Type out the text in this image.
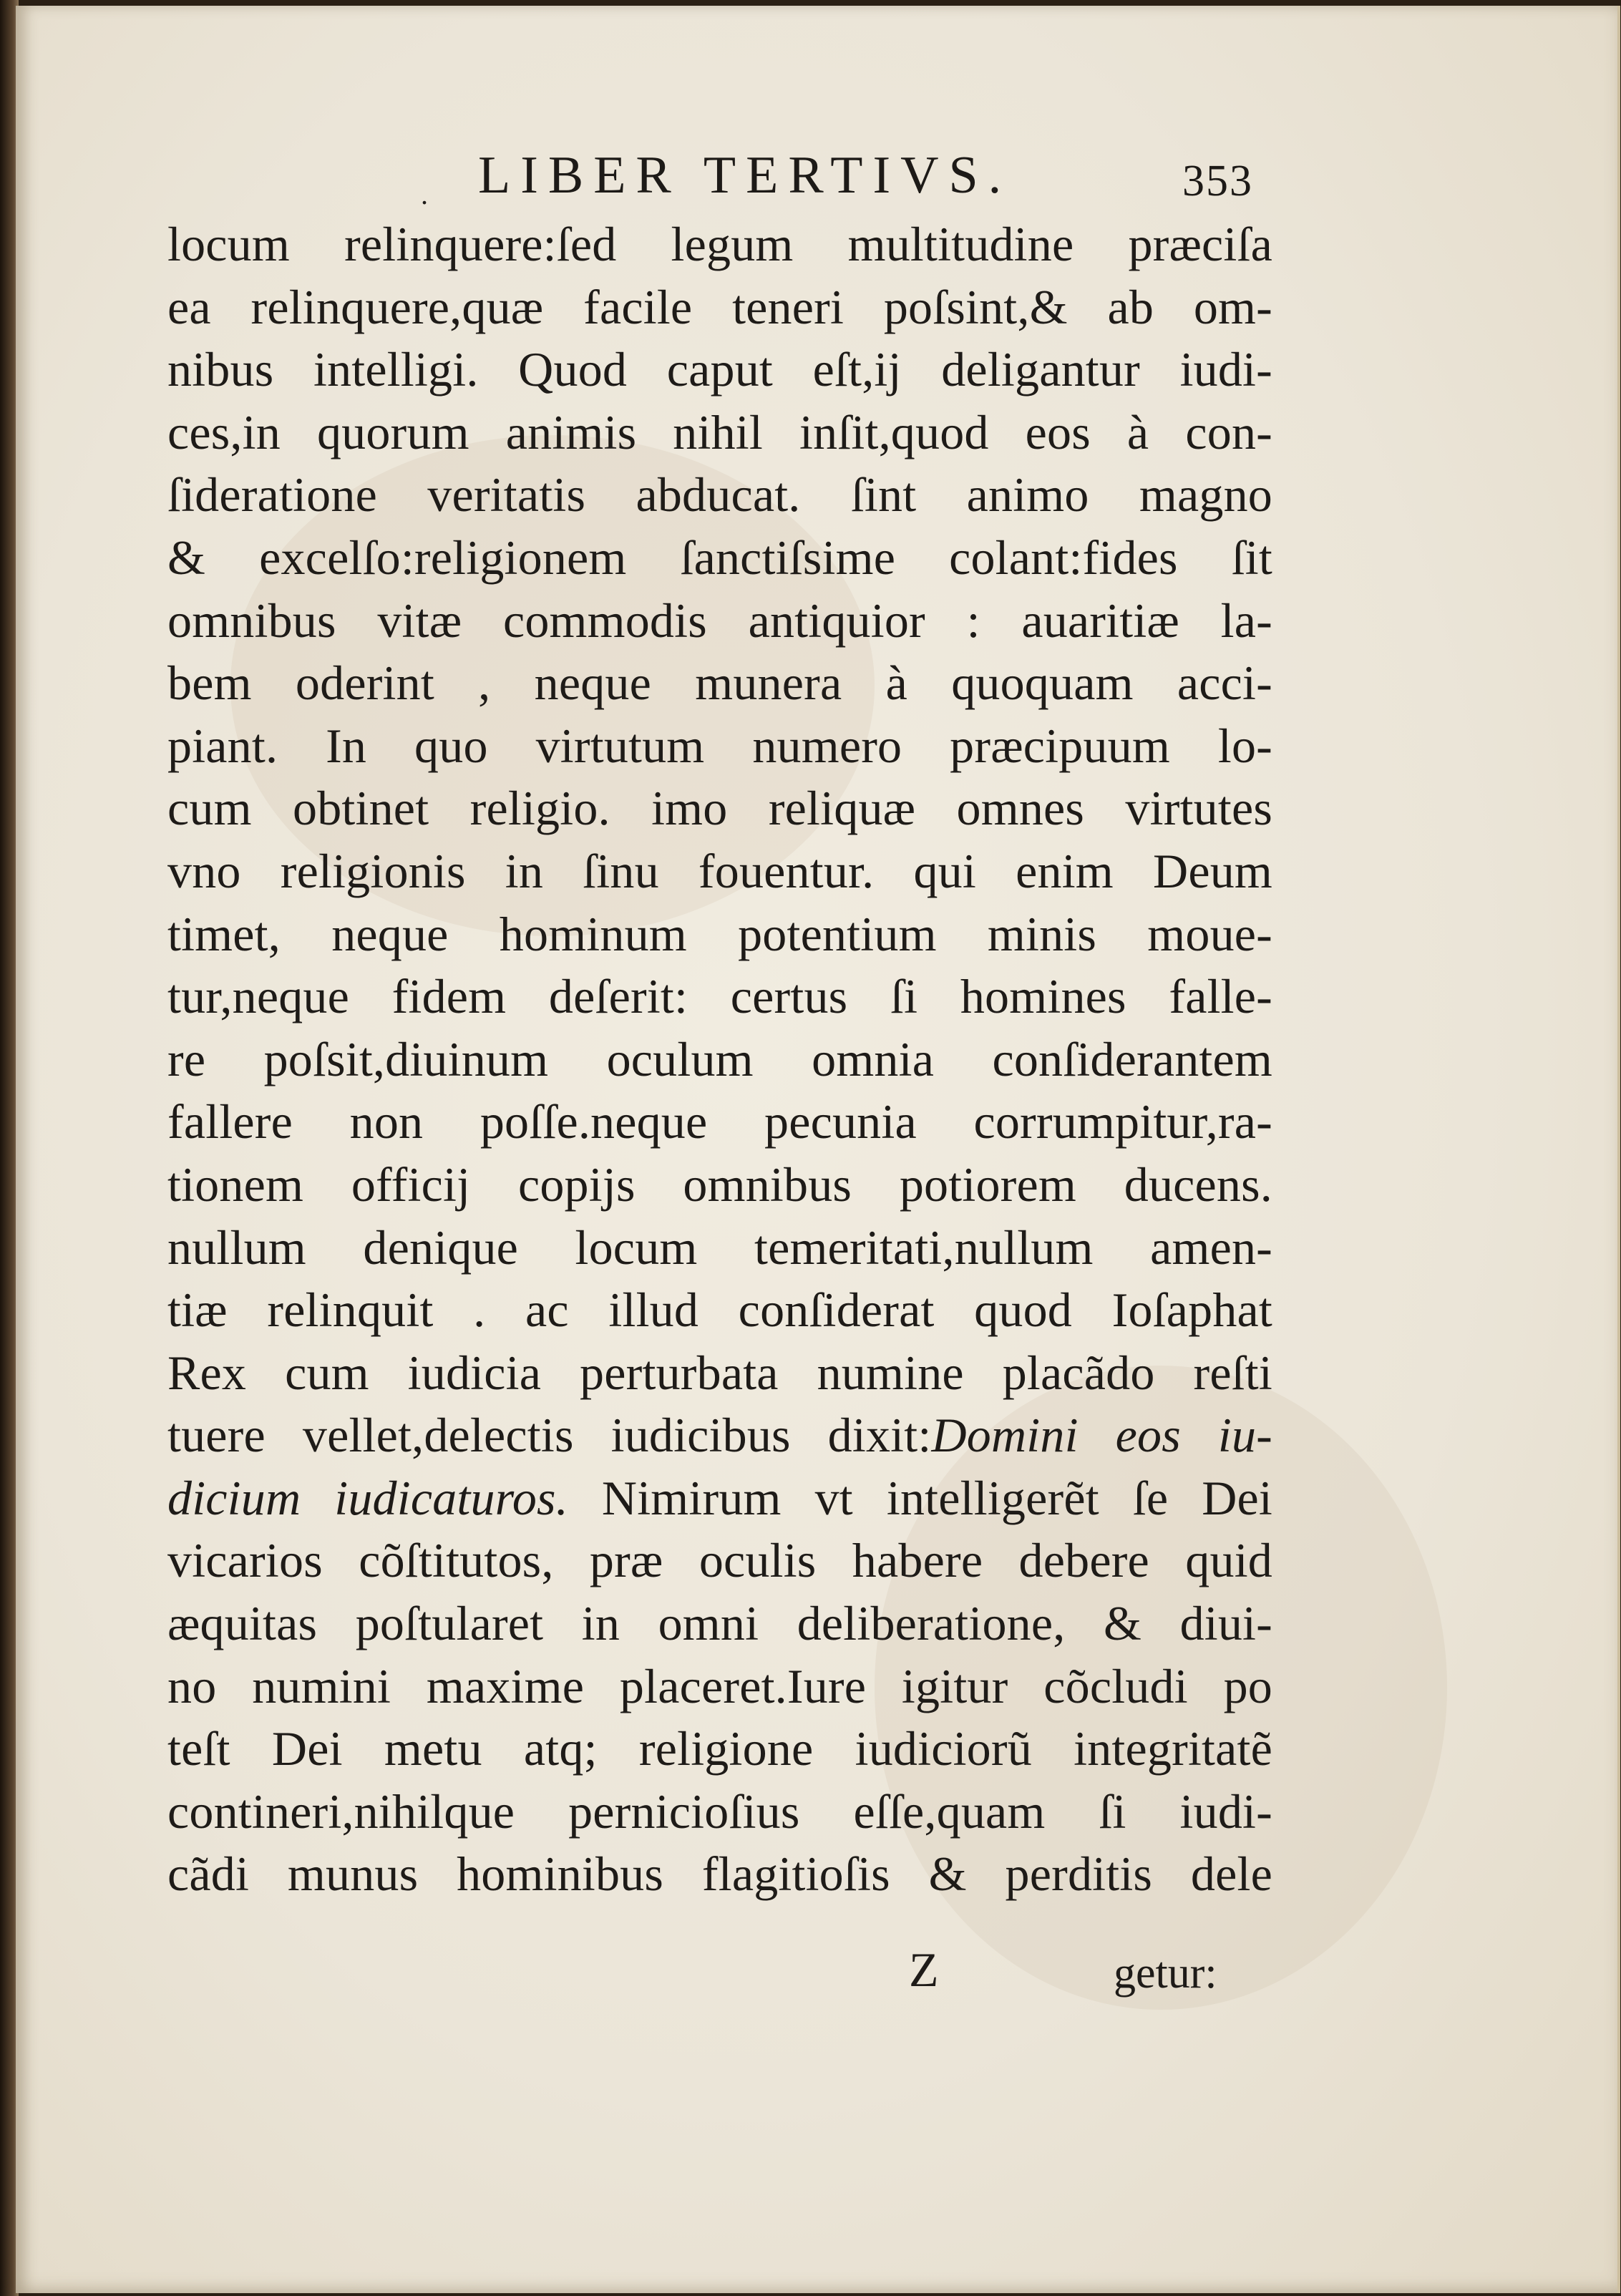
. LIBER TERTIVS.	353
locum relinquere:ſed legum multitudine præciſa
ea relinquere,quæ facile teneri poſsint,& ab om-
nibus intelligi. Quod caput eſt,ij deligantur iudi-
ces,in quorum animis nihil inſit,quod eos à con-
ſideratione veritatis abducat. ſint animo magno
& excelſo:religionem ſanctiſsime colant:fides ſit
omnibus vitæ commodis antiquior : auaritiæ la-
bem oderint , neque munera à quoquam acci-
piant. In quo virtutum numero præcipuum lo-
cum obtinet religio. imo reliquæ omnes virtutes
vno religionis in ſinu fouentur. qui enim Deum
timet, neque hominum potentium minis moue-
tur,neque fidem deſerit: certus ſi homines falle-
re poſsit,diuinum oculum omnia conſiderantem
fallere non poſſe.neque pecunia corrumpitur,ra-
tionem officij copijs omnibus potiorem ducens.
nullum denique locum temeritati,nullum amen-
tiæ relinquit . ac illud conſiderat quod Ioſaphat
Rex cum iudicia perturbata numine placãdo reſti
tuere vellet,delectis iudicibus dixit:Domini eos iu-
dicium iudicaturos. Nimirum vt intelligerẽt ſe Dei
vicarios cõſtitutos, præ oculis habere debere quid
æquitas poſtularet in omni deliberatione, & diui-
no numini maxime placeret.Iure igitur cõcludi po
teſt Dei metu atq; religione iudiciorũ integritatẽ
contineri,nihilque pernicioſius eſſe,quam ſi iudi-
cãdi munus hominibus flagitioſis & perditis dele
Z	getur:
